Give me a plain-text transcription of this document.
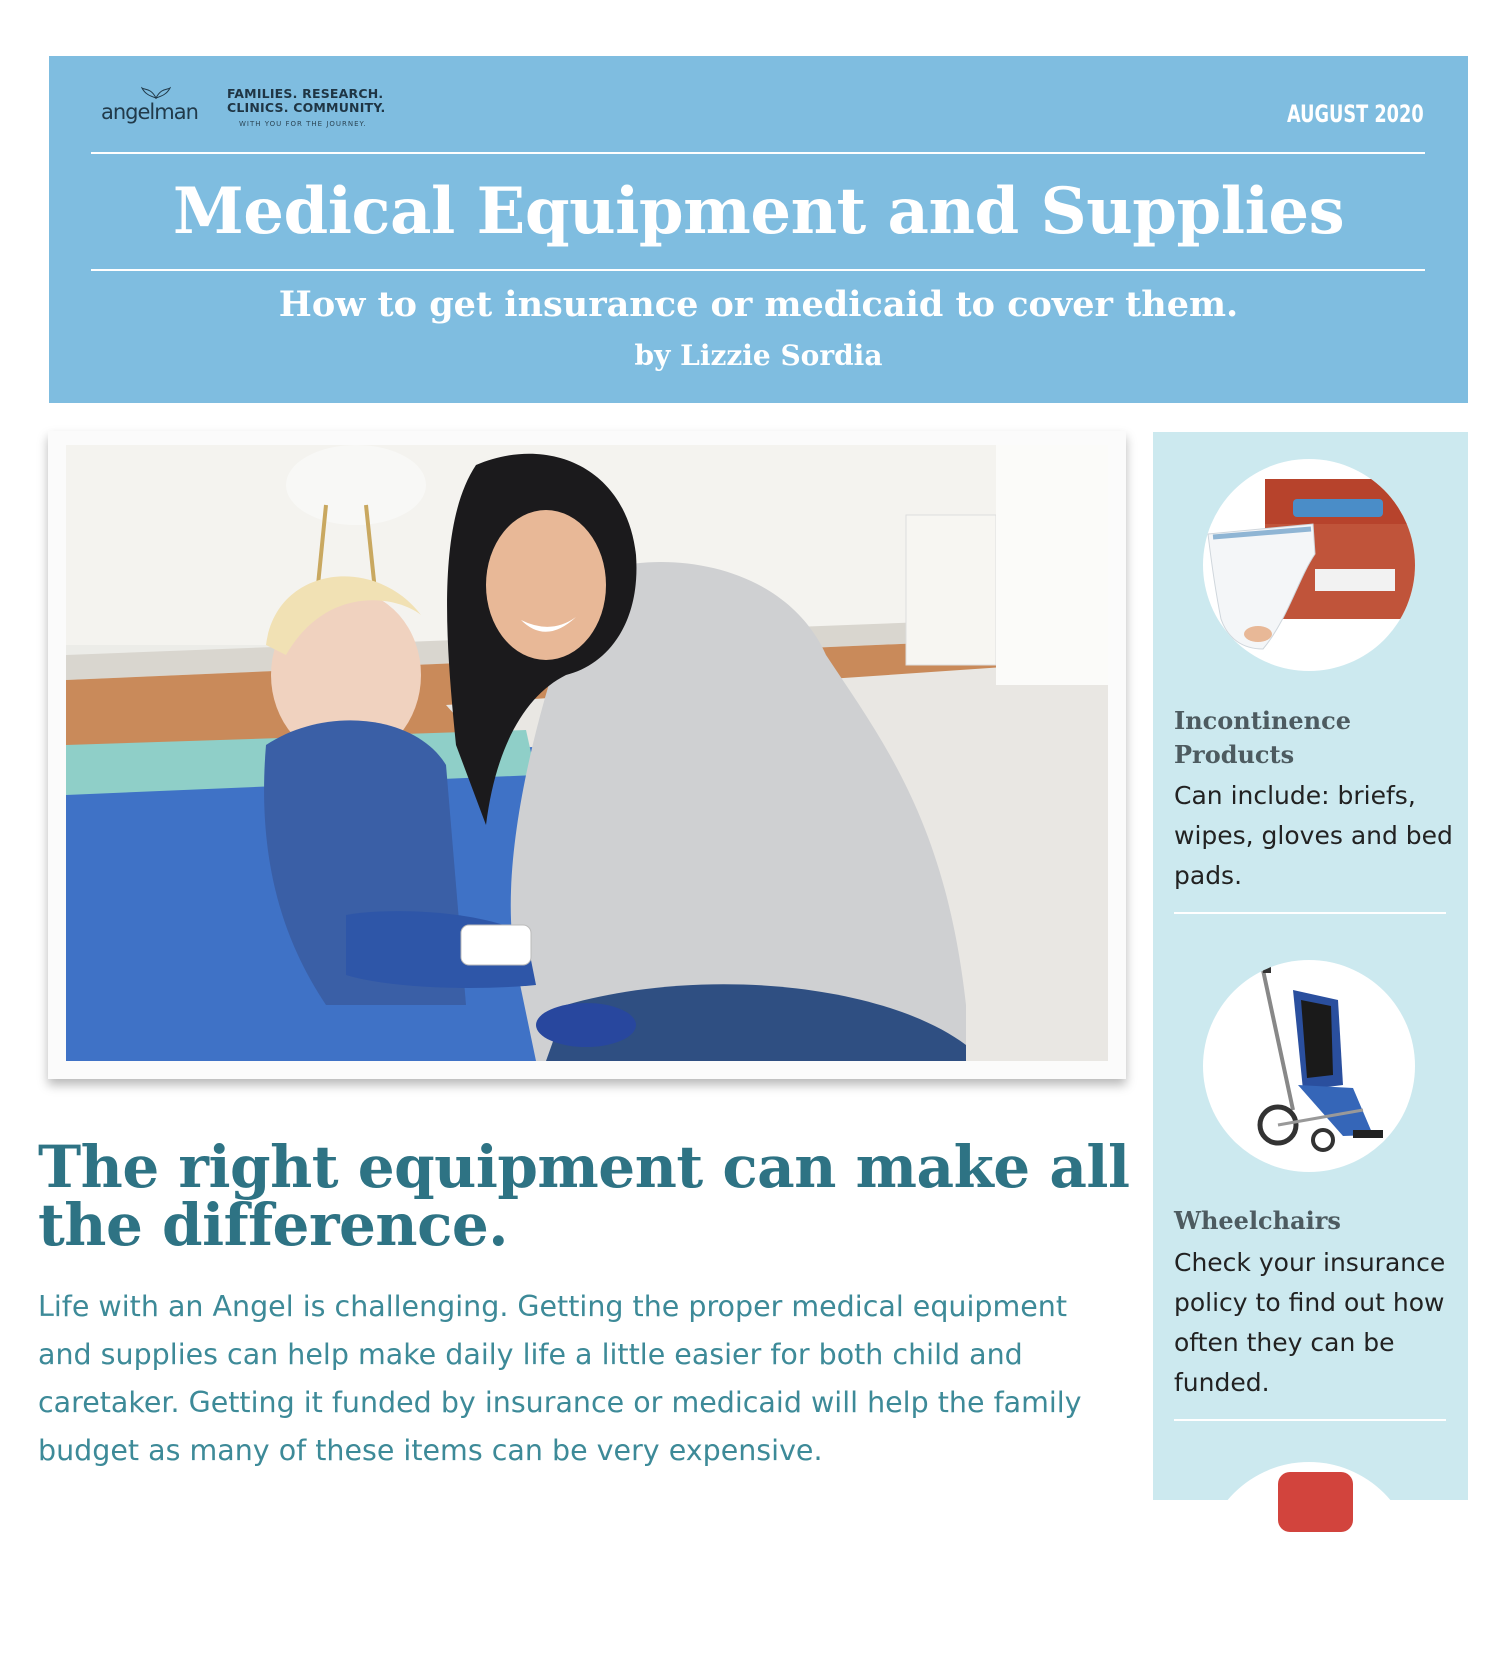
angelman
FAMILIES. RESEARCH.
CLINICS. COMMUNITY.
WITH YOU FOR THE JOURNEY.	AUGUST 2020
Medical Equipment and Supplies
How to get insurance or medicaid to cover them.
by Lizzie Sordia
The right equipment can make all the difference.

Life with an Angel is challenging. Getting the proper medical equipment and supplies can help make daily life a little easier for both child and caretaker. Getting it funded by insurance or medicaid will help the family budget as many of these items can be very expensive.

Incontinence Products
Can include: briefs, wipes, gloves and bed pads.
Wheelchairs
Check your insurance policy to find out how often they can be funded.
